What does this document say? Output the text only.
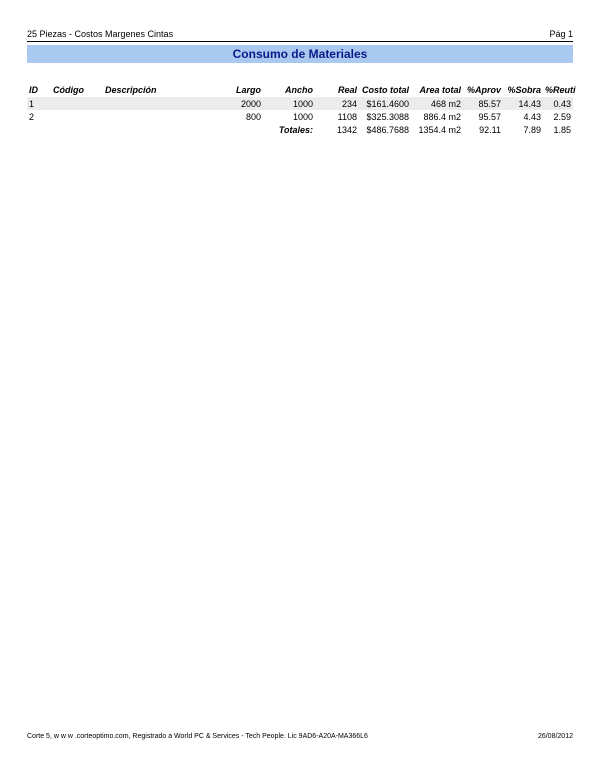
25 Piezas - Costos Margenes Cintas	Pág 1
Consumo de Materiales
ID	Código	Descripción	Largo	Ancho	Real	Costo total	Area total	%Aprov	%Sobra	%Reuti
1			2000	1000	234	$161.4600	468 m2	85.57	14.43	0.43
2			800	1000	1108	$325.3088	886.4 m2	95.57	4.43	2.59
Totales:					1342	$486.7688	1354.4 m2	92.11	7.89	1.85
Corte 5, w w w .corteoptimo.com, Registrado a World PC & Services - Tech People. Lic 9AD6-A20A-MA366L6	26/08/2012
